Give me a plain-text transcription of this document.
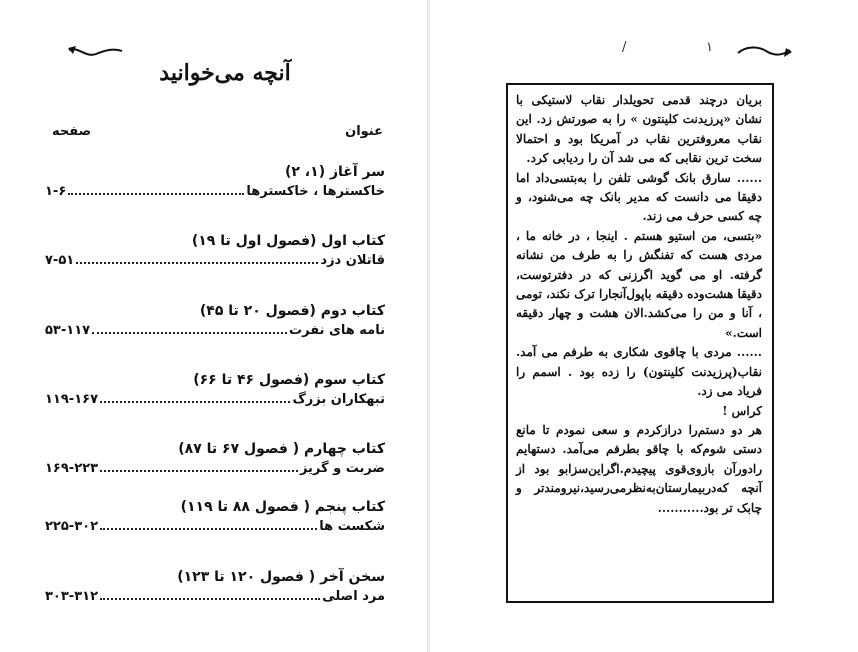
آنچه می‌خوانید
عنوان
صفحه
سر آغاز (۱، ۲)
خاکسترها ، خاکسترها
۱-۶
کتاب اول (فصول اول تا ۱۹)
قاتلان دزد
۷-۵۱
کتاب دوم (فصول ۲۰ تا ۴۵)
نامه های نفرت
۵۳-۱۱۷
کتاب سوم (فصول ۴۶ تا ۶۶)
تبهکاران بزرگ
۱۱۹-۱۶۷
کتاب چهارم ( فصول ۶۷ تا ۸۷)
ضربت و گریز
۱۶۹-۲۲۳
کتاب پنجم ( فصول ۸۸ تا ۱۱۹)
شکست ها
۲۲۵-۳۰۲
سخن آخر ( فصول ۱۲۰ تا ۱۲۳)
مرد اصلی
۳۰۳-۳۱۲
/	١

بریان درچند قدمی تحویلدار نقاب لاستیکی با نشان «پرزیدنت کلینتون » را به صورتش زد. این نقاب معروفترین نقاب در آمریکا بود و احتمالا سخت ترین نقابی که می شد آن را ردیابی کرد.

...... سارق بانک گوشی تلفن را به‌بتسی‌داد اما دقیقا می دانست که مدیر بانک چه می‌شنود، و چه کسی حرف می زند.

«بتسی، من استیو هستم . اینجا ، در خانه ما ، مردی هست که تفنگش را به طرف من نشانه گرفته. او می گوید اگرزنی که در دفترتوست، دقیقا هشت‌وده دقیقه باپول‌آنجارا ترک نکند، تومی ، آنا و من را می‌کشد.الان هشت و چهار دقیقه است.»

...... مردی با چاقوی شکاری به طرفم می آمد. نقاب(پرزیدنت کلینتون) را زده بود . اسمم را فریاد می زد.

کراس !

هر دو دستم‌را درازکردم و سعی نمودم تا مانع دستی شوم‌که با چاقو بطرفم می‌آمد. دستهایم رادورآن بازوی‌قوی پیچیدم.اگراین‌سزابو بود از آنچه که‌دربیمارستان‌به‌نظرمی‌رسید،نیرومندتر و چابک تر بود...........
